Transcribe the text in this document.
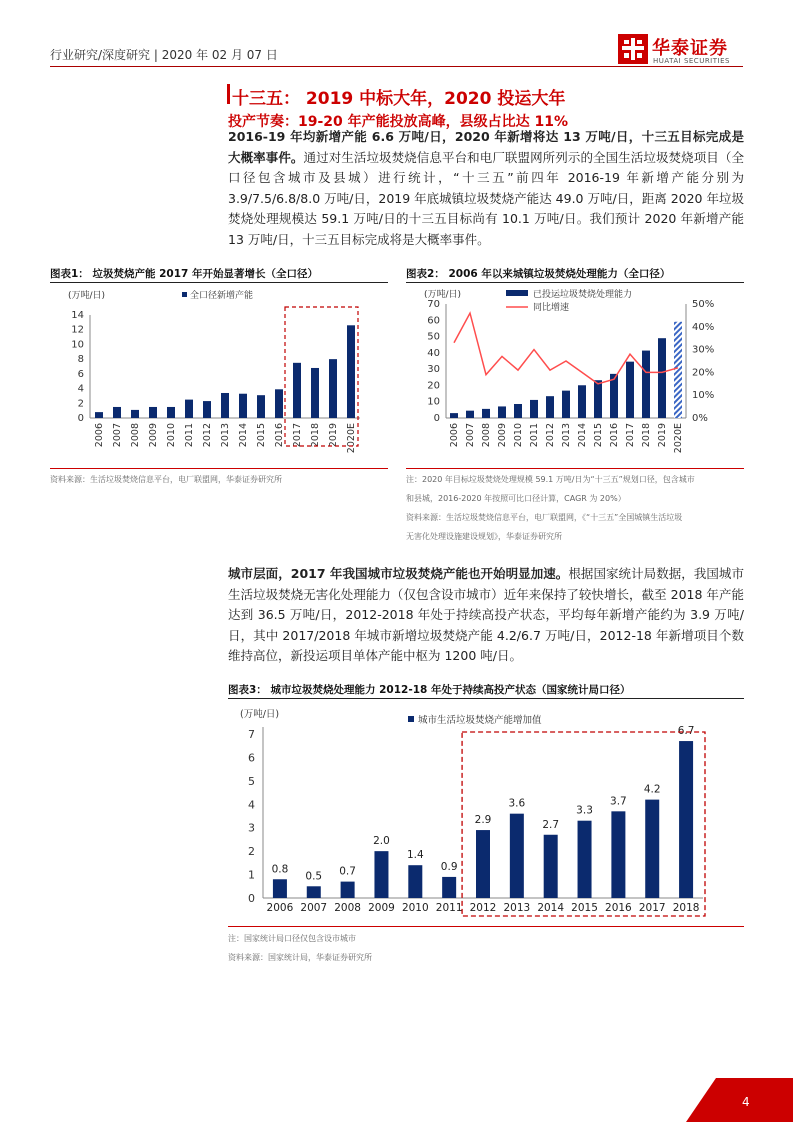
行业研究/深度研究 | 2020 年 02 月 07 日	华泰证券
HUATAI SECURITIES
十三五： 2019 中标大年，2020 投运大年
投产节奏：19-20 年产能投放高峰，县级占比达 11%
2016-19 年均新增产能 6.6 万吨/日，2020 年新增将达 13 万吨/日，十三五目标完成是大概率事件。通过对生活垃圾焚烧信息平台和电厂联盟网所列示的全国生活垃圾焚烧项目（全口径包含城市及县城）进行统计，“十三五”前四年 2016-19 年新增产能分别为 3.9/7.5/6.8/8.0 万吨/日，2019 年底城镇垃圾焚烧产能达 49.0 万吨/日，距离 2020 年垃圾焚烧处理规模达 59.1 万吨/日的十三五目标尚有 10.1 万吨/日。我们预计 2020 年新增产能 13 万吨/日，十三五目标完成将是大概率事件。
图表1： 垃圾焚烧产能 2017 年开始显著增长（全口径）
(万吨/日)	全口径新增产能
0
2
4
6
8
10
12
14
2006 2007 2008 2009 2010 2011 2012 2013 2014 2015 2016 2017 2018 2019 2020E
资料来源：生活垃圾焚烧信息平台，电厂联盟网，华泰证券研究所
图表2： 2006 年以来城镇垃圾焚烧处理能力（全口径）
(万吨/日)	已投运垃圾焚烧处理能力
同比增速
0
10
20
30
40
50
60
70
0%
10%
20%
30%
40%
50%
2006 2007 2008 2009 2010 2011 2012 2013 2014 2015 2016 2017 2018 2019 2020E
注：2020 年目标垃圾焚烧处理规模 59.1 万吨/日为“十三五”规划口径，包含城市
和县城，2016-2020 年按照可比口径计算，CAGR 为 20%）
资料来源：生活垃圾焚烧信息平台，电厂联盟网，《“十三五”全国城镇生活垃圾
无害化处理设施建设规划》，华泰证券研究所
城市层面，2017 年我国城市垃圾焚烧产能也开始明显加速。根据国家统计局数据，我国城市生活垃圾焚烧无害化处理能力（仅包含设市城市）近年来保持了较快增长，截至 2018 年产能达到 36.5 万吨/日，2012-2018 年处于持续高投产状态，平均每年新增产能约为 3.9 万吨/日，其中 2017/2018 年城市新增垃圾焚烧产能 4.2/6.7 万吨/日，2012-18 年新增项目个数维持高位，新投运项目单体产能中枢为 1200 吨/日。
图表3： 城市垃圾焚烧处理能力 2012-18 年处于持续高投产状态（国家统计局口径）
(万吨/日)
城市生活垃圾焚烧产能增加值
0
1
2
3
4
5
6
7
0.8
2006
0.5
2007
0.7
2008
2.0
2009
1.4
2010
0.9
2011
2.9
2012
3.6
2013
2.7
2014
3.3
2015
3.7
2016
4.2
2017
6.7
2018
注：国家统计局口径仅包含设市城市
资料来源：国家统计局，华泰证券研究所
4
